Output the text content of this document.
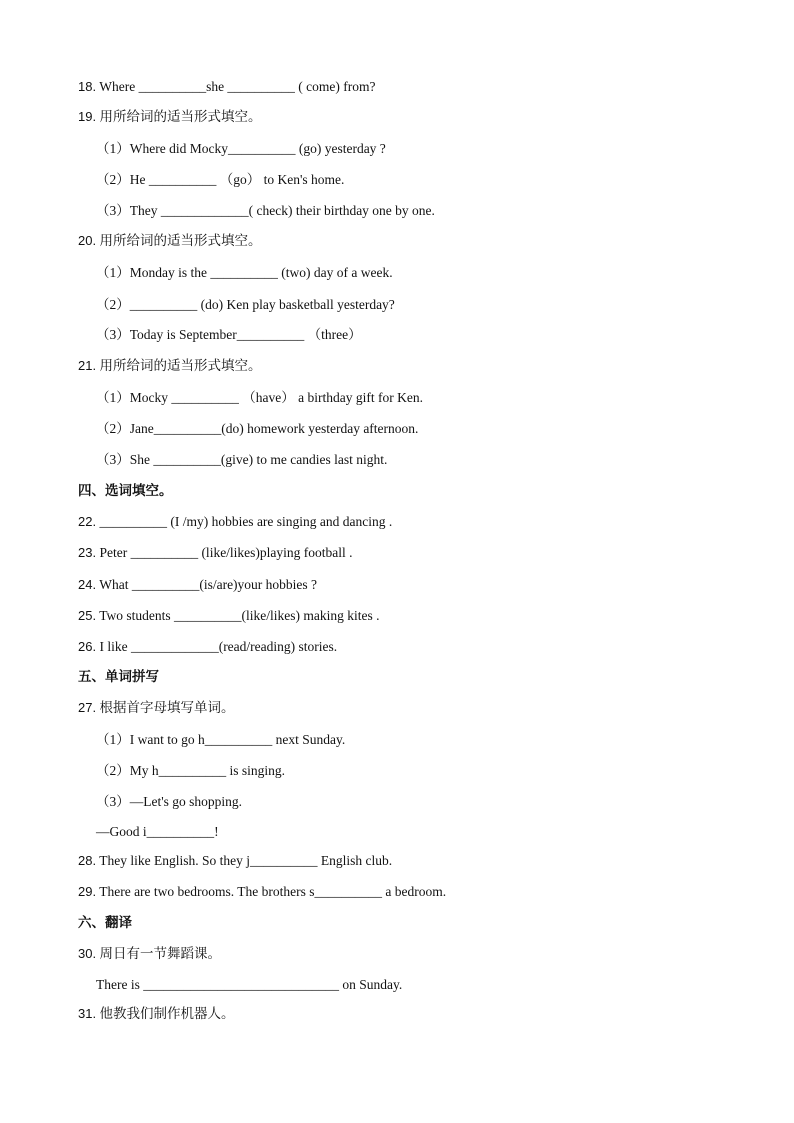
18. Where __________she __________ ( come) from?
19. 用所给词的适当形式填空。
（1）Where did Mocky__________ (go) yesterday ?
（2）He __________ （go） to Ken's home.
（3）They _____________( check) their birthday one by one.
20. 用所给词的适当形式填空。
（1）Monday is the __________ (two) day of a week.
（2）__________ (do) Ken play basketball yesterday?
（3）Today is September__________ （three）
21. 用所给词的适当形式填空。
（1）Mocky __________ （have） a birthday gift for Ken.
（2）Jane__________(do) homework yesterday afternoon.
（3）She __________(give) to me candies last night.
四、选词填空。
22. __________ (I /my) hobbies are singing and dancing .
23. Peter __________ (like/likes)playing football .
24. What __________(is/are)your hobbies ?
25. Two students __________(like/likes) making kites .
26. I like _____________(read/reading) stories.
五、单词拼写
27. 根据首字母填写单词。
（1）I want to go h__________ next Sunday.
（2）My h__________ is singing.
（3）—Let's go shopping.
—Good i__________!
28. They like English. So they j__________ English club.
29. There are two bedrooms. The brothers s__________ a bedroom.
六、翻译
30. 周日有一节舞蹈课。
There is _____________________________ on Sunday.
31. 他教我们制作机器人。
